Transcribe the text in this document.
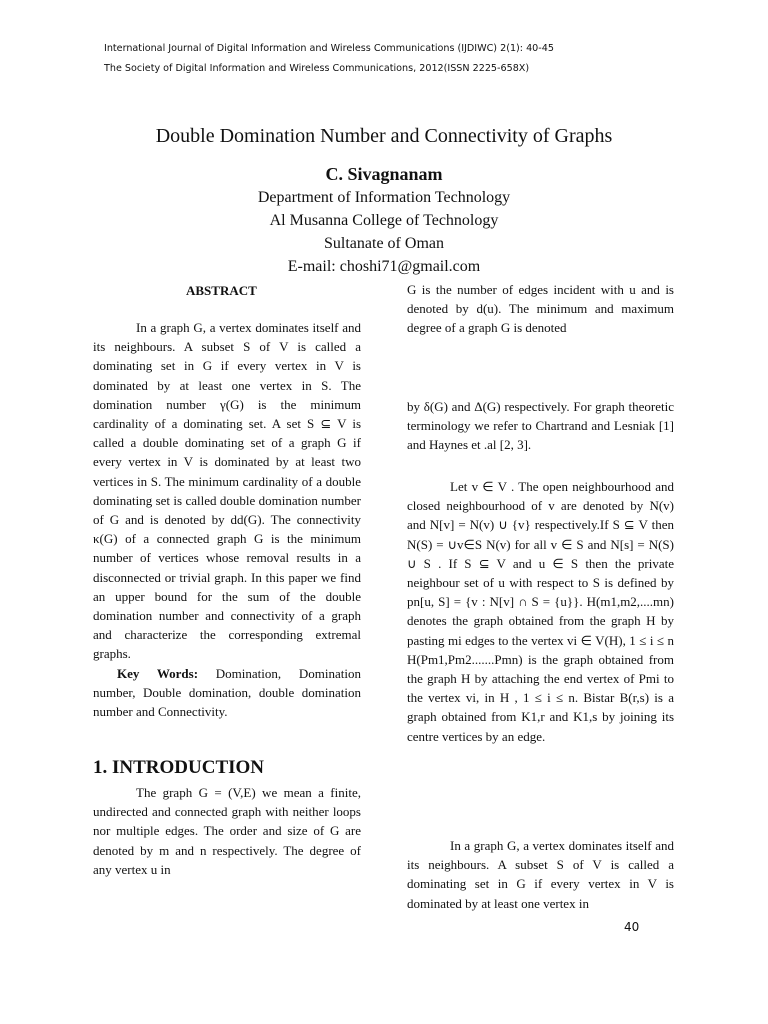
International Journal of Digital Information and Wireless Communications (IJDIWC) 2(1): 40-45
The Society of Digital Information and Wireless Communications, 2012(ISSN 2225-658X)
Double Domination Number and Connectivity of Graphs
C. Sivagnanam
Department of Information Technology
Al Musanna College of Technology
Sultanate of Oman
E-mail: choshi71@gmail.com
ABSTRACT

In a graph G, a vertex dominates itself and its neighbours. A subset S of V is called a dominating set in G if every vertex in V is dominated by at least one vertex in S. The domination number γ(G) is the minimum cardinality of a dominating set. A set S ⊆ V is called a double dominating set of a graph G if every vertex in V is dominated by at least two vertices in S. The minimum cardinality of a double dominating set is called double domination number of G and is denoted by dd(G). The connectivity κ(G) of a connected graph G is the minimum number of vertices whose removal results in a disconnected or trivial graph. In this paper we find an upper bound for the sum of the double domination number and connectivity of a graph and characterize the corresponding extremal graphs.

Key Words: Domination, Domination number, Double domination, double domination number and Connectivity.

1. INTRODUCTION

The graph G = (V,E) we mean a finite, undirected and connected graph with neither loops nor multiple edges. The order and size of G are denoted by m and n respectively. The degree of any vertex u in

G is the number of edges incident with u and is denoted by d(u). The minimum and maximum degree of a graph G is denoted

by δ(G) and Δ(G) respectively. For graph theoretic terminology we refer to Chartrand and Lesniak [1] and Haynes et .al [2, 3].

Let v ∈ V . The open neighbourhood and closed neighbourhood of v are denoted by N(v) and N[v] = N(v) ∪ {v} respectively.If S ⊆ V then N(S) = ∪v∈S N(v) for all v ∈ S and N[s] = N(S) ∪ S . If S ⊆ V and u ∈ S then the private neighbour set of u with respect to S is defined by pn[u, S] = {v : N[v] ∩ S = {u}}. H(m1,m2,....mn) denotes the graph obtained from the graph H by pasting mi edges to the vertex vi ∈ V(H), 1 ≤ i ≤ n H(Pm1,Pm2.......Pmn) is the graph obtained from the graph H by attaching the end vertex of Pmi to the vertex vi, in H , 1 ≤ i ≤ n. Bistar B(r,s) is a graph obtained from K1,r and K1,s by joining its centre vertices by an edge.

In a graph G, a vertex dominates itself and its neighbours. A subset S of V is called a dominating set in G if every vertex in V is dominated by at least one vertex in

40
